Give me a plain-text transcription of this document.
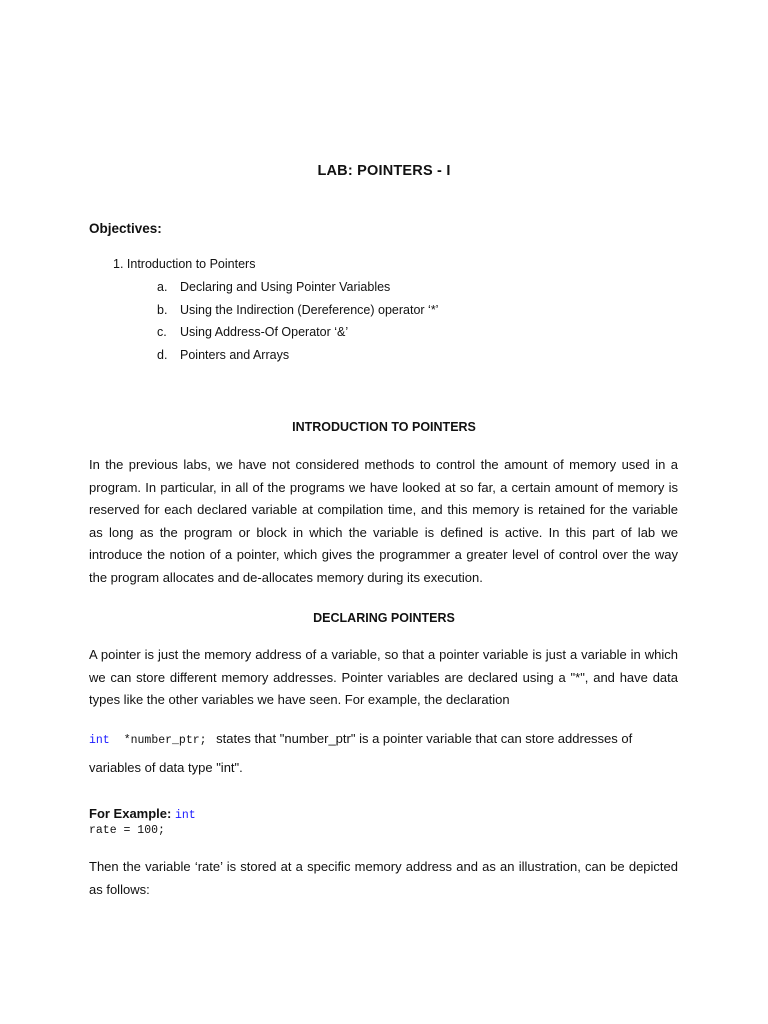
LAB: POINTERS - I
Objectives:
1. Introduction to Pointers
a. Declaring and Using Pointer Variables
b. Using the Indirection (Dereference) operator ‘*’
c. Using Address-Of Operator ‘&’
d. Pointers and Arrays
INTRODUCTION TO POINTERS

In the previous labs, we have not considered methods to control the amount of memory used in a program. In particular, in all of the programs we have looked at so far, a certain amount of memory is reserved for each declared variable at compilation time, and this memory is retained for the variable as long as the program or block in which the variable is defined is active. In this part of lab we introduce the notion of a pointer, which gives the programmer a greater level of control over the way the program allocates and de-allocates memory during its execution.

DECLARING POINTERS

A pointer is just the memory address of a variable, so that a pointer variable is just a variable in which we can store different memory addresses. Pointer variables are declared using a "*", and have data types like the other variables we have seen. For example, the declaration

int *number_ptr; states that "number_ptr" is a pointer variable that can store addresses of
variables of data type "int".
For Example: int
rate = 100;

Then the variable ‘rate’ is stored at a specific memory address and as an illustration, can be depicted as follows:
